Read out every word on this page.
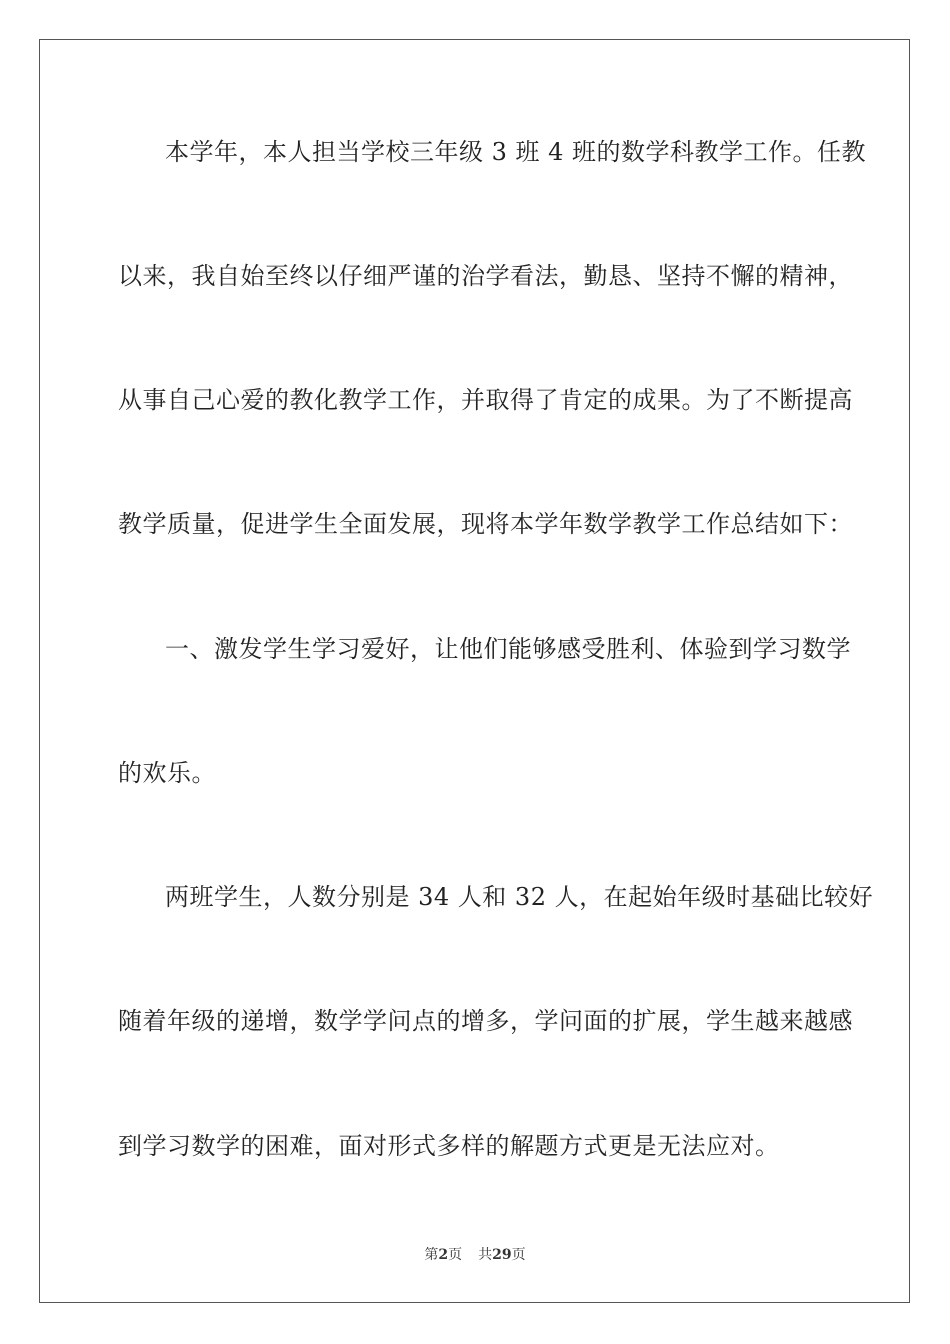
本学年，本人担当学校三年级 3 班 4 班的数学科教学工作。任教
以来，我自始至终以仔细严谨的治学看法，勤恳、坚持不懈的精神，
从事自己心爱的教化教学工作，并取得了肯定的成果。为了不断提高
教学质量，促进学生全面发展，现将本学年数学教学工作总结如下：
一、激发学生学习爱好，让他们能够感受胜利、体验到学习数学
的欢乐。
两班学生，人数分别是 34 人和 32 人，在起始年级时基础比较好
随着年级的递增，数学学问点的增多，学问面的扩展，学生越来越感
到学习数学的困难，面对形式多样的解题方式更是无法应对。
第2页 共29页
